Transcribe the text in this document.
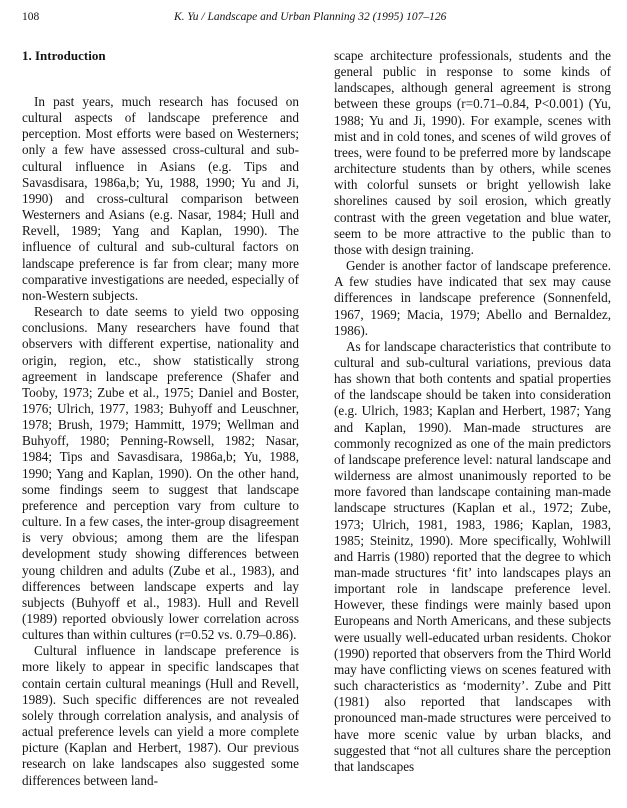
108	K. Yu / Landscape and Urban Planning 32 (1995) 107–126
1. Introduction

In past years, much research has focused on cultural aspects of landscape preference and perception. Most efforts were based on Westerners; only a few have assessed cross-cultural and sub-cultural influence in Asians (e.g. Tips and Savasdisara, 1986a,b; Yu, 1988, 1990; Yu and Ji, 1990) and cross-cultural comparison between Westerners and Asians (e.g. Nasar, 1984; Hull and Revell, 1989; Yang and Kaplan, 1990). The influence of cultural and sub-cultural factors on landscape preference is far from clear; many more comparative investigations are needed, especially of non-Western subjects.

Research to date seems to yield two opposing conclusions. Many researchers have found that observers with different expertise, nationality and origin, region, etc., show statistically strong agreement in landscape preference (Shafer and Tooby, 1973; Zube et al., 1975; Daniel and Boster, 1976; Ulrich, 1977, 1983; Buhyoff and Leuschner, 1978; Brush, 1979; Hammitt, 1979; Wellman and Buhyoff, 1980; Penning-Rowsell, 1982; Nasar, 1984; Tips and Savasdisara, 1986a,b; Yu, 1988, 1990; Yang and Kaplan, 1990). On the other hand, some findings seem to suggest that landscape preference and perception vary from culture to culture. In a few cases, the inter-group disagreement is very obvious; among them are the lifespan development study showing differences between young children and adults (Zube et al., 1983), and differences between landscape experts and lay subjects (Buhyoff et al., 1983). Hull and Revell (1989) reported obviously lower correlation across cultures than within cultures (r=0.52 vs. 0.79–0.86).

Cultural influence in landscape preference is more likely to appear in specific landscapes that contain certain cultural meanings (Hull and Revell, 1989). Such specific differences are not revealed solely through correlation analysis, and analysis of actual preference levels can yield a more complete picture (Kaplan and Herbert, 1987). Our previous research on lake landscapes also suggested some differences between land-

scape architecture professionals, students and the general public in response to some kinds of landscapes, although general agreement is strong between these groups (r=0.71–0.84, P<0.001) (Yu, 1988; Yu and Ji, 1990). For example, scenes with mist and in cold tones, and scenes of wild groves of trees, were found to be preferred more by landscape architecture students than by others, while scenes with colorful sunsets or bright yellowish lake shorelines caused by soil erosion, which greatly contrast with the green vegetation and blue water, seem to be more attractive to the public than to those with design training.

Gender is another factor of landscape preference. A few studies have indicated that sex may cause differences in landscape preference (Sonnenfeld, 1967, 1969; Macia, 1979; Abello and Bernaldez, 1986).

As for landscape characteristics that contribute to cultural and sub-cultural variations, previous data has shown that both contents and spatial properties of the landscape should be taken into consideration (e.g. Ulrich, 1983; Kaplan and Herbert, 1987; Yang and Kaplan, 1990). Man-made structures are commonly recognized as one of the main predictors of landscape preference level: natural landscape and wilderness are almost unanimously reported to be more favored than landscape containing man-made landscape structures (Kaplan et al., 1972; Zube, 1973; Ulrich, 1981, 1983, 1986; Kaplan, 1983, 1985; Steinitz, 1990). More specifically, Wohlwill and Harris (1980) reported that the degree to which man-made structures ‘fit’ into landscapes plays an important role in landscape preference level. However, these findings were mainly based upon Europeans and North Americans, and these subjects were usually well-educated urban residents. Chokor (1990) reported that observers from the Third World may have conflicting views on scenes featured with such characteristics as ‘modernity’. Zube and Pitt (1981) also reported that landscapes with pronounced man-made structures were perceived to have more scenic value by urban blacks, and suggested that “not all cultures share the perception that landscapes
